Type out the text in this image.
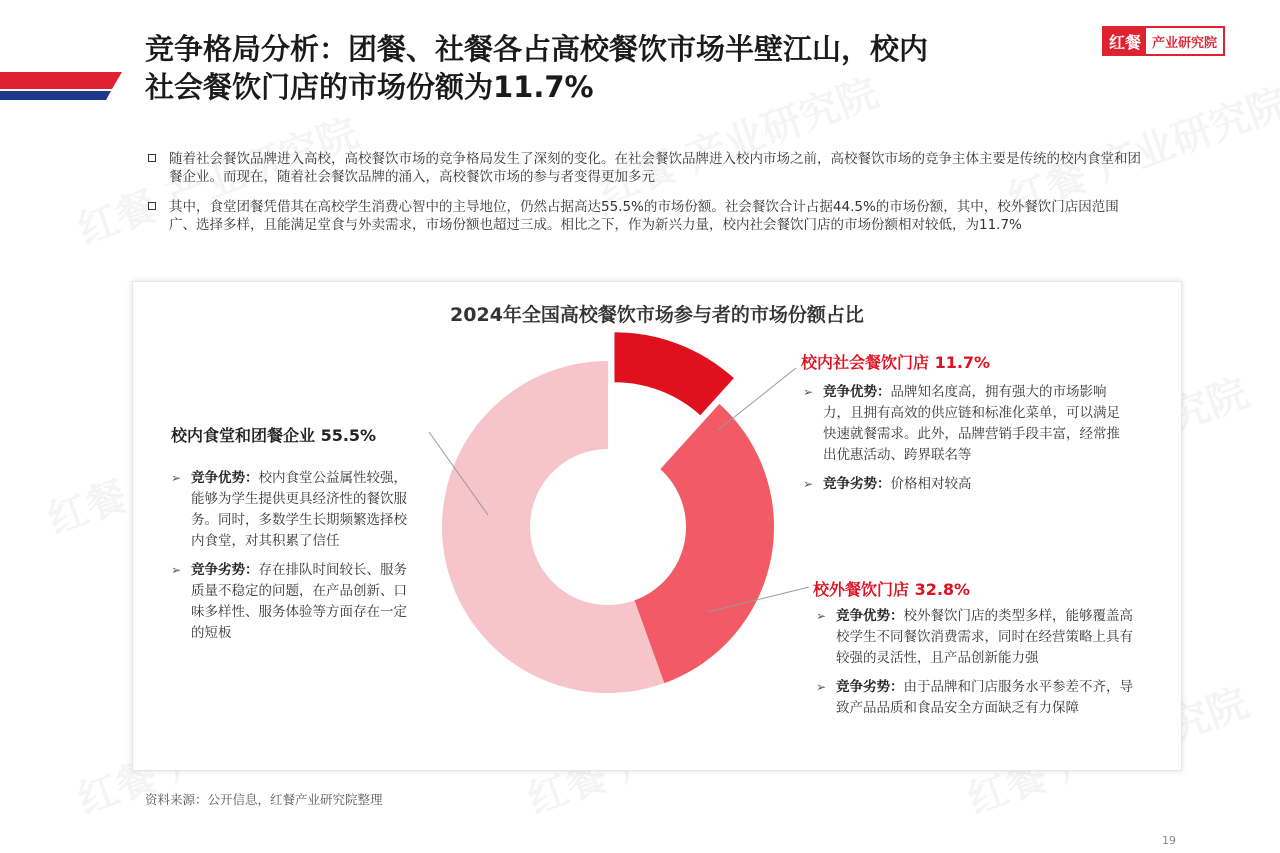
竞争格局分析：团餐、社餐各占高校餐饮市场半壁江山，校内
社会餐饮门店的市场份额为11.7%
红餐 产业研究院
随着社会餐饮品牌进入高校，高校餐饮市场的竞争格局发生了深刻的变化。在社会餐饮品牌进入校内市场之前，高校餐饮市场的竞争主体主要是传统的校内食堂和团餐企业。而现在，随着社会餐饮品牌的涌入，高校餐饮市场的参与者变得更加多元
其中，食堂团餐凭借其在高校学生消费心智中的主导地位，仍然占据高达55.5%的市场份额。社会餐饮合计占据44.5%的市场份额，其中，校外餐饮门店因范围广、选择多样，且能满足堂食与外卖需求，市场份额也超过三成。相比之下，作为新兴力量，校内社会餐饮门店的市场份额相对较低，为11.7%
2024年全国高校餐饮市场参与者的市场份额占比
校内食堂和团餐企业 55.5%
校内社会餐饮门店 11.7%
校外餐饮门店 32.8%
➢ 竞争优势：校内食堂公益属性较强，能够为学生提供更具经济性的餐饮服务。同时，多数学生长期频繁选择校内食堂，对其积累了信任
➢ 竞争劣势：存在排队时间较长、服务质量不稳定的问题，在产品创新、口味多样性、服务体验等方面存在一定的短板
➢ 竞争优势：品牌知名度高，拥有强大的市场影响力，且拥有高效的供应链和标准化菜单，可以满足快速就餐需求。此外，品牌营销手段丰富，经常推出优惠活动、跨界联名等
➢ 竞争劣势：价格相对较高
➢ 竞争优势：校外餐饮门店的类型多样，能够覆盖高校学生不同餐饮消费需求，同时在经营策略上具有较强的灵活性，且产品创新能力强
➢ 竞争劣势：由于品牌和门店服务水平参差不齐，导致产品品质和食品安全方面缺乏有力保障
资料来源：公开信息，红餐产业研究院整理
19
